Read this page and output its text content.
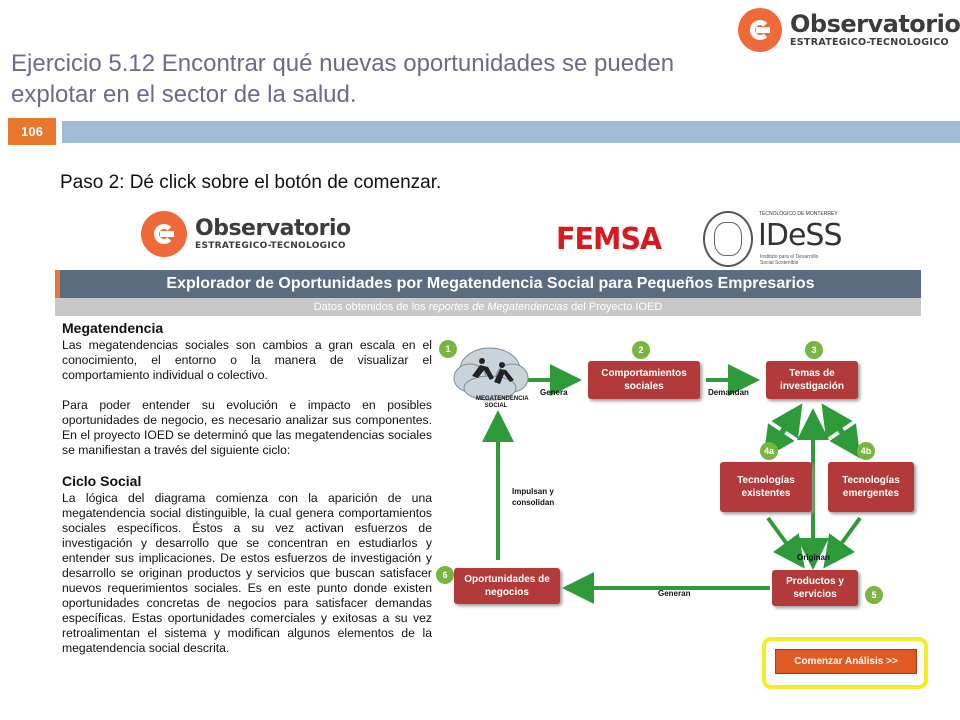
Ejercicio 5.12 Encontrar qué nuevas oportunidades se pueden explotar en el sector de la salud.
Observatorio
ESTRATEGICO-TECNOLOGICO
106
Paso 2: Dé click sobre el botón de comenzar.
Observatorio
ESTRATEGICO-TECNOLOGICO	FEMSA
TECNOLOGICO DE MONTERREY
IDeSS
Instituto para el Desarrollo Social Sostenible
Explorador de Oportunidades por Megatendencia Social para Pequeños Empresarios
Datos obtenidos de los reportes de Megatendencias del Proyecto IOED
Megatendencia

Las megatendencias sociales son cambios a gran escala en el conocimiento, el entorno o la manera de visualizar el comportamiento individual o colectivo.

Para poder entender su evolución e impacto en posibles oportunidades de negocio, es necesario analizar sus componentes. En el proyecto IOED se determinó que las megatendencias sociales se manifiestan a través del siguiente ciclo:

Ciclo Social

La lógica del diagrama comienza con la aparición de una megatendencia social distinguible, la cual genera comportamientos sociales específicos. Éstos a su vez activan esfuerzos de investigación y desarrollo que se concentran en estudiarlos y entender sus implicaciones. De estos esfuerzos de investigación y desarrollo se originan productos y servicios que buscan satisfacer nuevos requerimientos sociales. Es en este punto donde existen oportunidades concretas de negocios para satisfacer demandas específicas. Estas oportunidades comerciales y exitosas a su vez retroalimentan el sistema y modifican algunos elementos de la megatendencia social descrita.

1
MEGATENDENCIA SOCIAL
Comportamientos sociales
2
Temas de investigación
3
Tecnologías existentes
4a
Tecnologías emergentes
4b
Productos y servicios	5
Oportunidades de negocios
6
Genera	Demandan
Originan
Generan
Impulsan y consolidan
Comenzar Análisis >>
